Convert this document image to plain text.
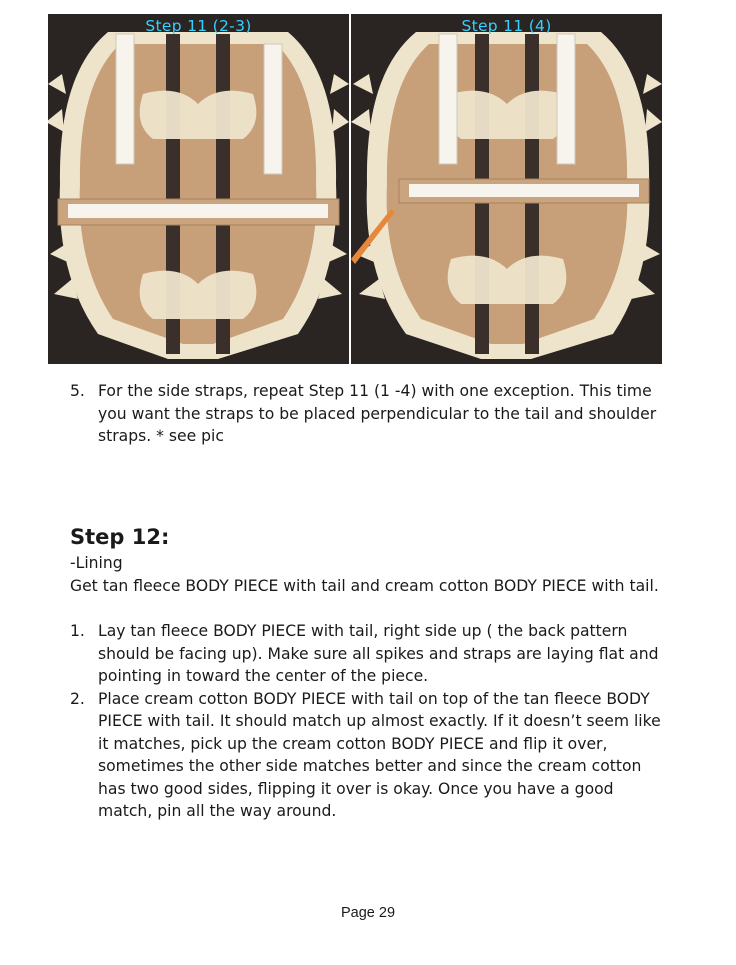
Step 11 (2-3)	Step 11 (4)
5. For the side straps, repeat Step 11 (1 -4) with one exception. This time you want the straps to be placed perpendicular to the tail and shoulder straps. * see pic
Step 12:
-Lining
Get tan fleece BODY PIECE with tail and cream cotton BODY PIECE with tail.
1. Lay tan fleece BODY PIECE with tail, right side up ( the back pattern should be facing up). Make sure all spikes and straps are laying flat and pointing in toward the center of the piece.
2. Place cream cotton BODY PIECE with tail on top of the tan fleece BODY PIECE with tail. It should match up almost exactly. If it doesn’t seem like it matches, pick up the cream cotton BODY PIECE and flip it over, sometimes the other side matches better and since the cream cotton has two good sides, flipping it over is okay. Once you have a good match, pin all the way around.
Page 29
